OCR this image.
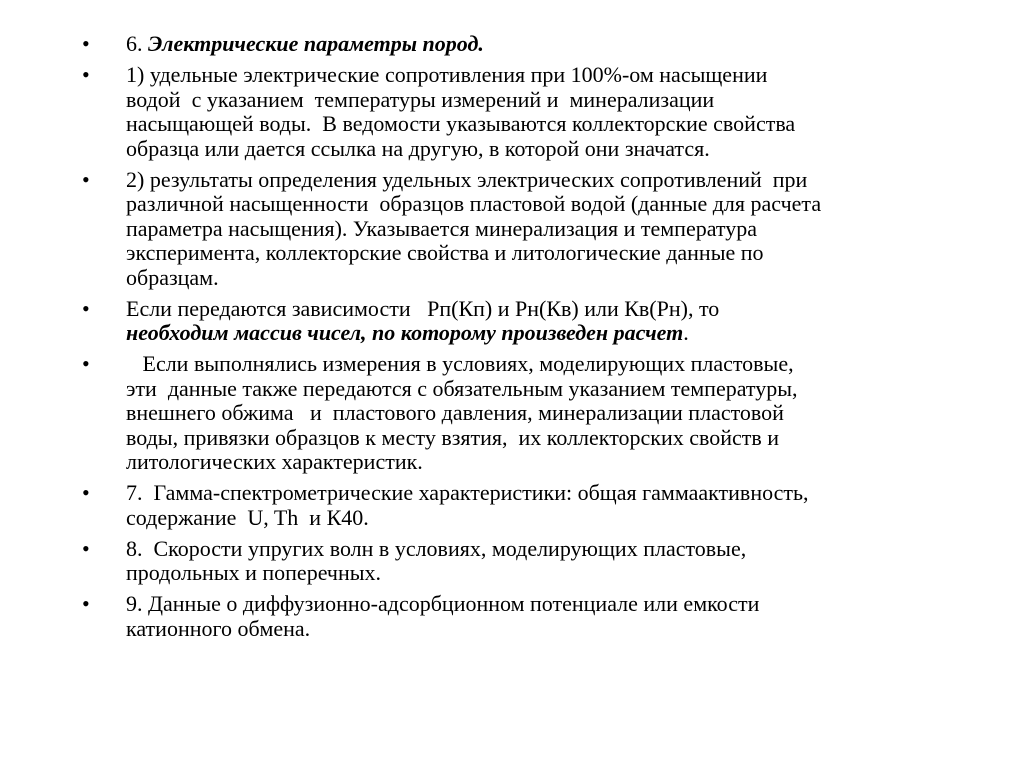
• 6. Электрические параметры пород.
• 1) удельные электрические сопротивления при 100%-ом насыщении
водой  с указанием  температуры измерений и  минерализации
насыщающей воды.  В ведомости указываются коллекторские свойства
образца или дается ссылка на другую, в которой они значатся.
• 2) результаты определения удельных электрических сопротивлений  при
различной насыщенности  образцов пластовой водой (данные для расчета
параметра насыщения). Указывается минерализация и температура
эксперимента, коллекторские свойства и литологические данные по
образцам.
• Если передаются зависимости   Рп(Кп) и Рн(Кв) или Кв(Рн), то
необходим массив чисел, по которому произведен расчет.
• Если выполнялись измерения в условиях, моделирующих пластовые,
эти  данные также передаются с обязательным указанием температуры,
внешнего обжима   и  пластового давления, минерализации пластовой
воды, привязки образцов к месту взятия,  их коллекторских свойств и
литологических характеристик.
• 7.  Гамма-спектрометрические характеристики: общая гаммаактивность,
содержание  U, Th  и К40.
• 8.  Скорости упругих волн в условиях, моделирующих пластовые,
продольных и поперечных.
• 9. Данные о диффузионно-адсорбционном потенциале или емкости
катионного обмена.
